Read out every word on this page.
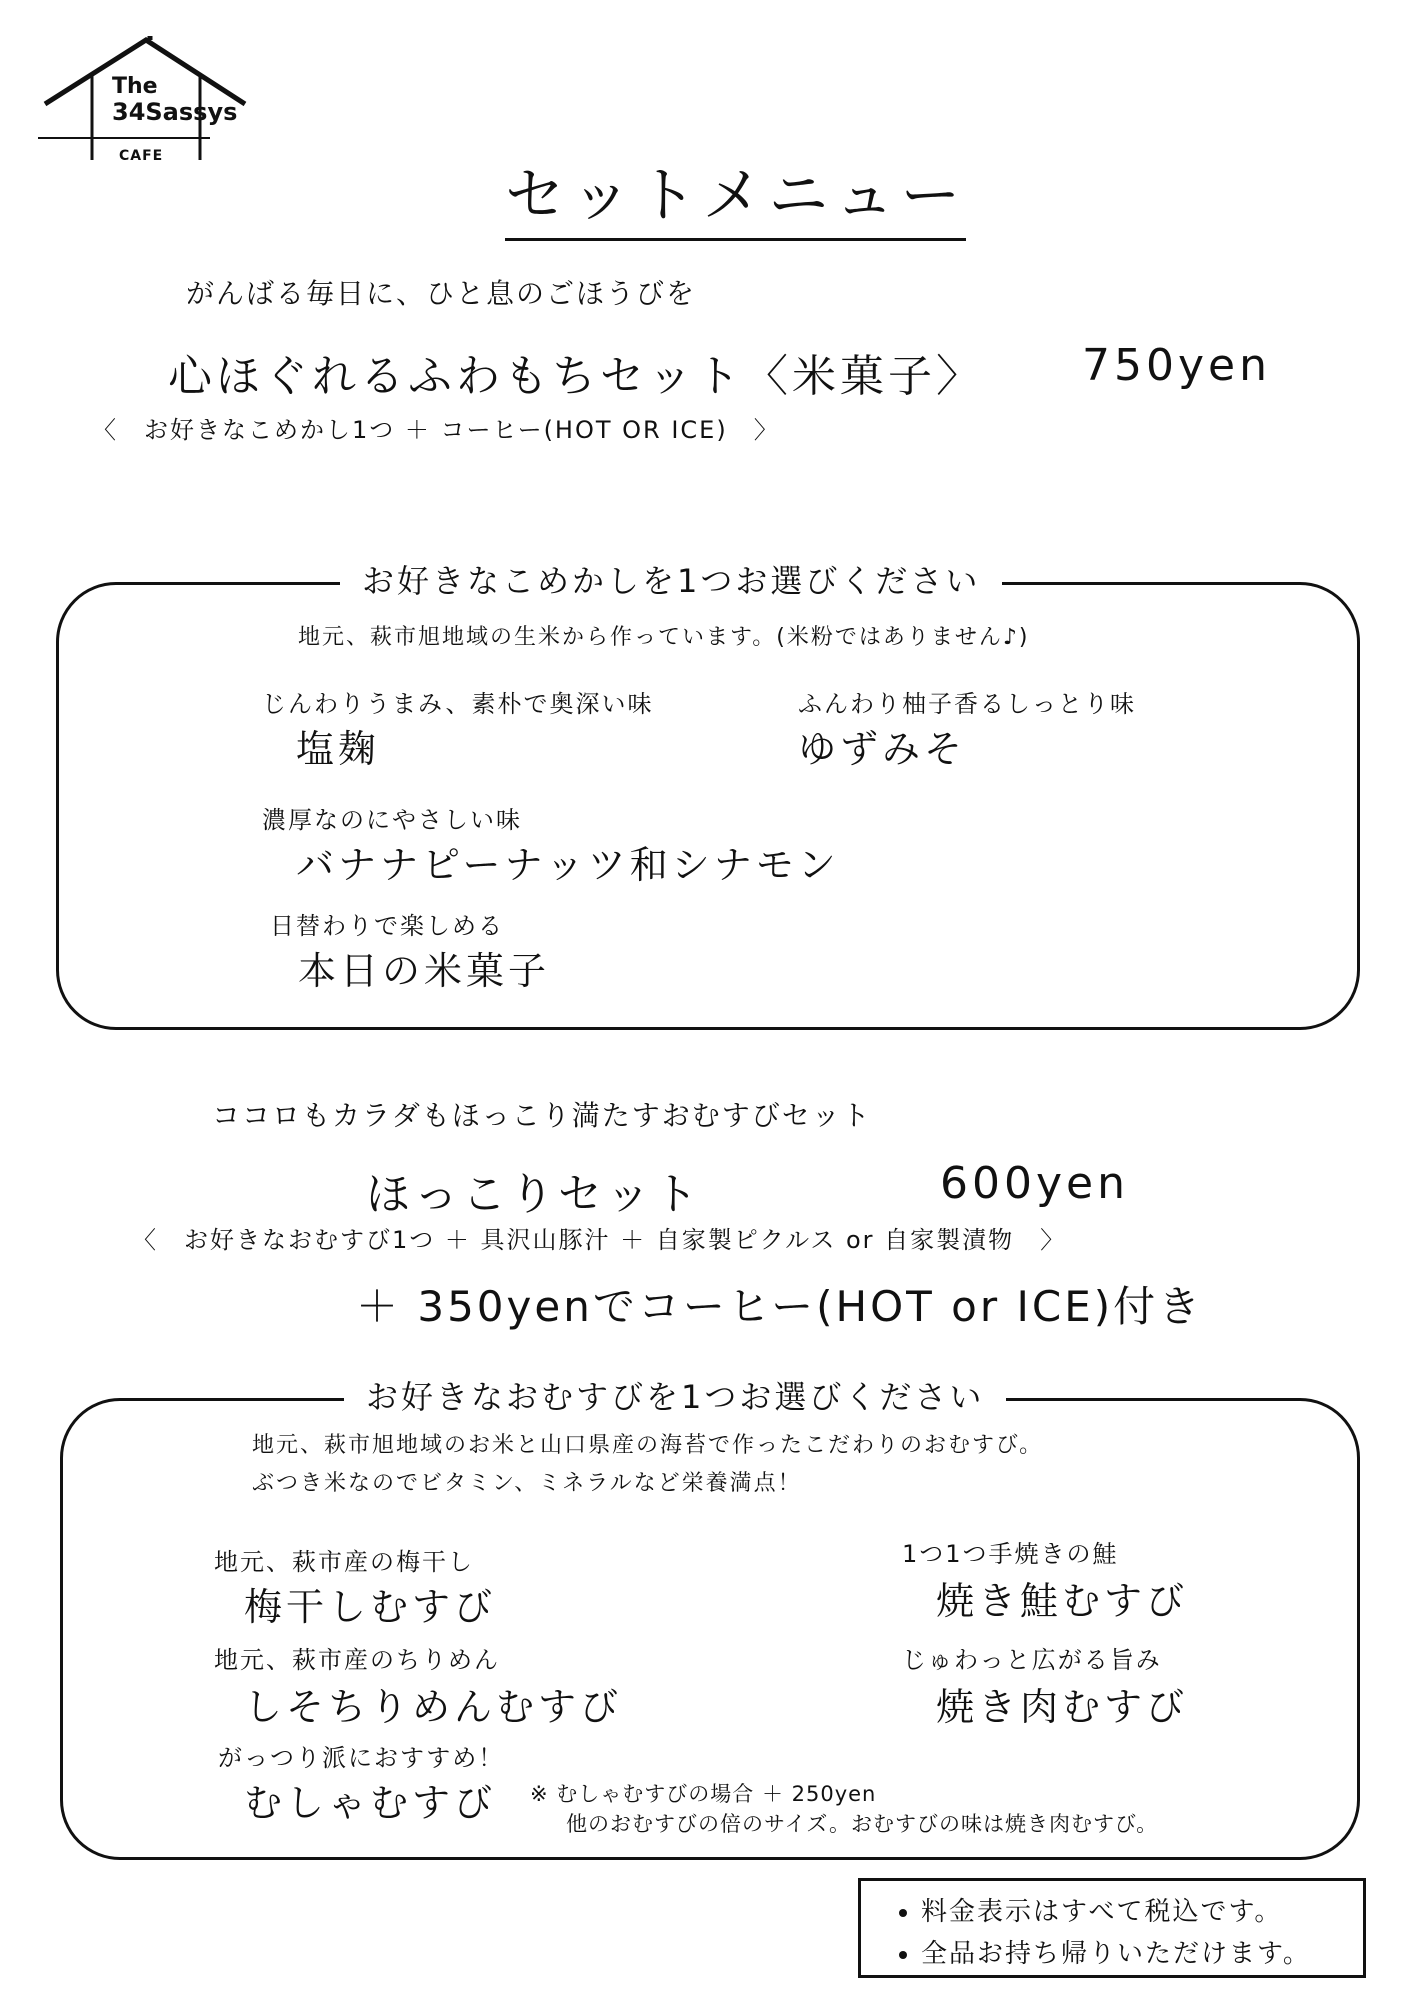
The
34Sassys
CAFE
セットメニュー
がんばる毎日に、ひと息のごほうびを
心ほぐれるふわもちセット〈米菓子〉 750yen
〈　お好きなこめかし1つ ＋ コーヒー(HOT OR ICE)　〉
お好きなこめかしを1つお選びください
地元、萩市旭地域の生米から作っています。(米粉ではありません♪)
じんわりうまみ、素朴で奥深い味
塩麹
ふんわり柚子香るしっとり味
ゆずみそ
濃厚なのにやさしい味
バナナピーナッツ和シナモン
日替わりで楽しめる
本日の米菓子
ココロもカラダもほっこり満たすおむすびセット
ほっこりセット	600yen
〈　お好きなおむすび1つ ＋ 具沢山豚汁 ＋ 自家製ピクルス or 自家製漬物　〉
＋ 350yenでコーヒー(HOT or ICE)付き
お好きなおむすびを1つお選びください
地元、萩市旭地域のお米と山口県産の海苔で作ったこだわりのおむすび。
ぶつき米なのでビタミン、ミネラルなど栄養満点！
地元、萩市産の梅干し
梅干しむすび
1つ1つ手焼きの鮭
焼き鮭むすび
地元、萩市産のちりめん
しそちりめんむすび
じゅわっと広がる旨み
焼き肉むすび
がっつり派におすすめ！
むしゃむすび ※ むしゃむすびの場合 ＋ 250yen
他のおむすびの倍のサイズ。おむすびの味は焼き肉むすび。
• 料金表示はすべて税込です。
• 全品お持ち帰りいただけます。
